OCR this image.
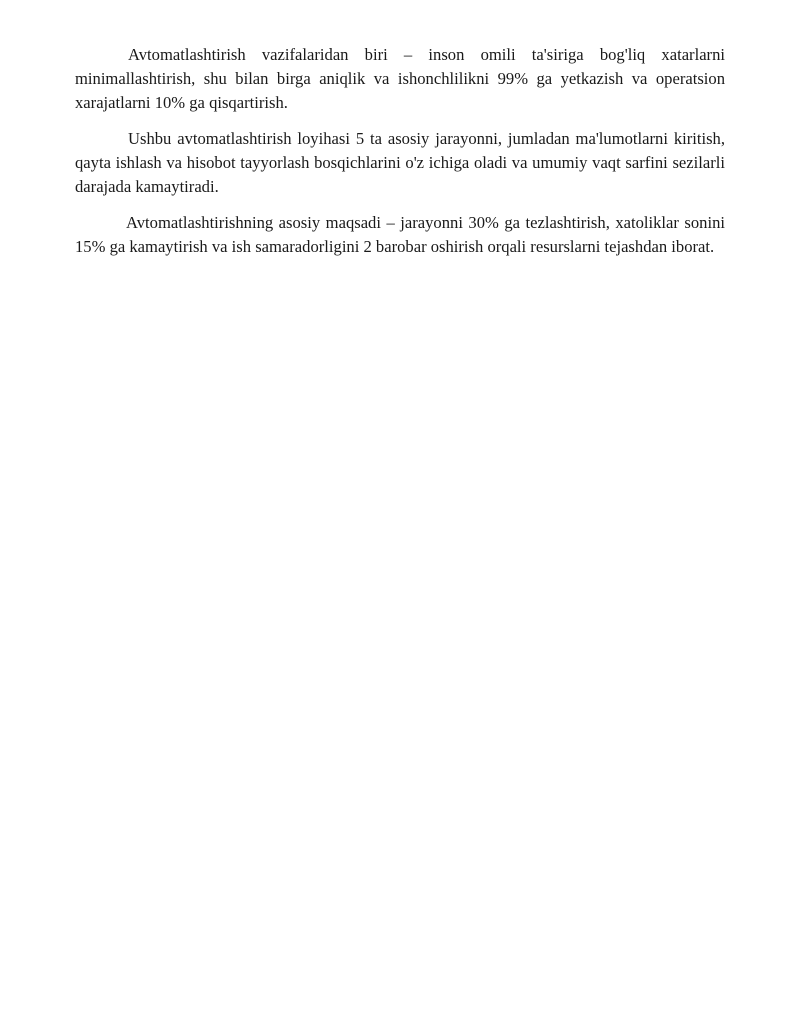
Avtomatlashtirish vazifalaridan biri – inson omili ta'siriga bog'liq xatarlarni minimallashtirish, shu bilan birga aniqlik va ishonchlilikni 99% ga yetkazish va operatsion xarajatlarni 10% ga qisqartirish.

Ushbu avtomatlashtirish loyihasi 5 ta asosiy jarayonni, jumladan ma'lumotlarni kiritish, qayta ishlash va hisobot tayyorlash bosqichlarini o'z ichiga oladi va umumiy vaqt sarfini sezilarli darajada kamaytiradi.

Avtomatlashtirishning asosiy maqsadi – jarayonni 30% ga tezlashtirish, xatoliklar sonini 15% ga kamaytirish va ish samaradorligini 2 barobar oshirish orqali resurslarni tejashdan iborat.
